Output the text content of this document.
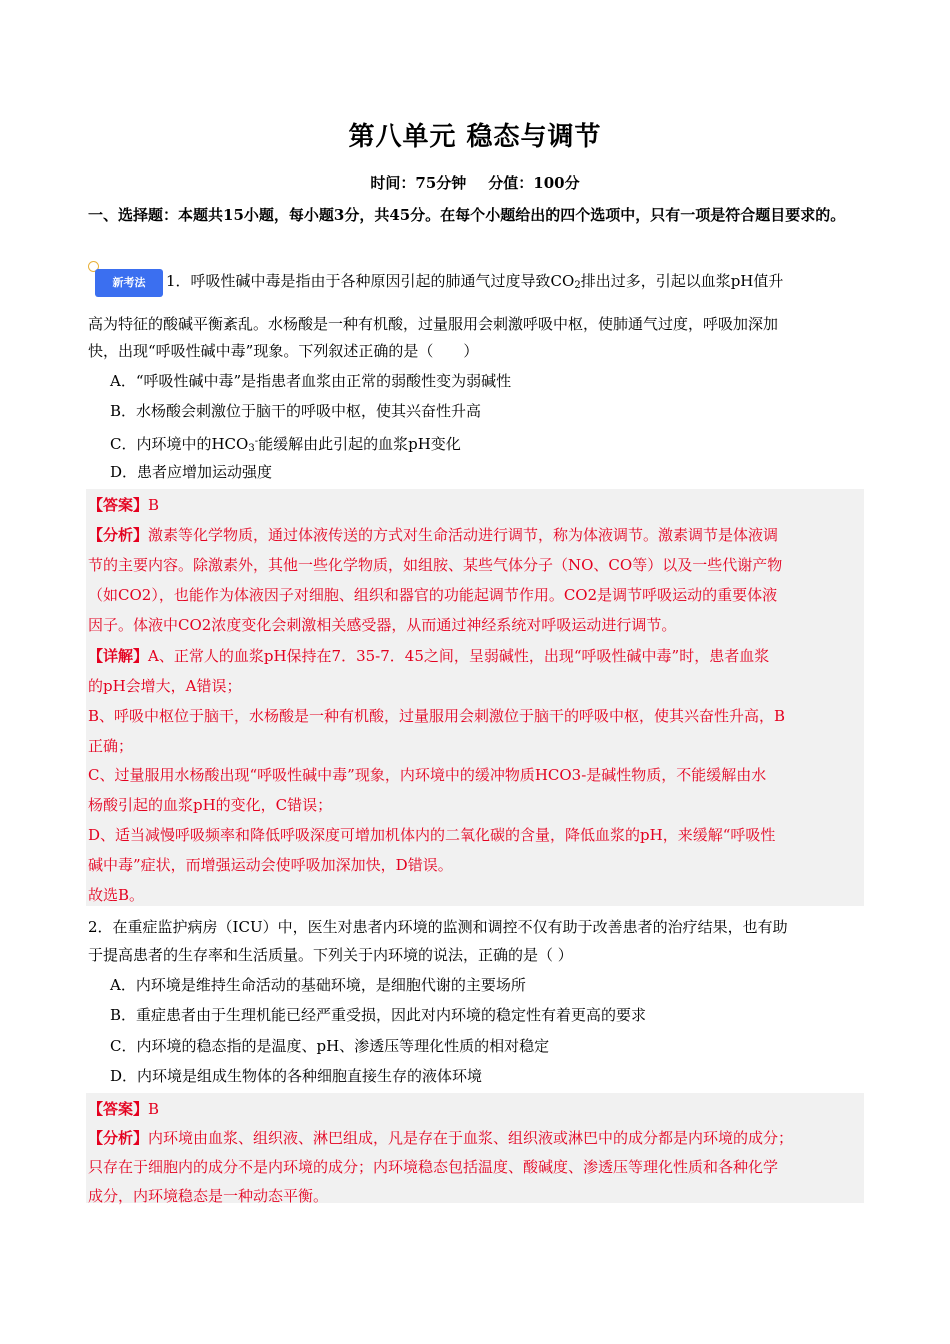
第八单元 稳态与调节
时间：75分钟 分值：100分
一、选择题：本题共15小题，每小题3分，共45分。在每个小题给出的四个选项中，只有一项是符合题目要求的。
新考法	1．呼吸性碱中毒是指由于各种原因引起的肺通气过度导致$CO_2$排出过多，引起以血浆pH值升
高为特征的酸碱平衡紊乱。水杨酸是一种有机酸，过量服用会刺激呼吸中枢，使肺通气过度，呼吸加深加
快，出现“呼吸性碱中毒”现象。下列叙述正确的是（　　）
A．“呼吸性碱中毒”是指患者血浆由正常的弱酸性变为弱碱性
B．水杨酸会刺激位于脑干的呼吸中枢，使其兴奋性升高
C．内环境中的$HCO_3^-$能缓解由此引起的血浆pH变化
D．患者应增加运动强度
【答案】B
【分析】激素等化学物质，通过体液传送的方式对生命活动进行调节，称为体液调节。激素调节是体液调
节的主要内容。除激素外，其他一些化学物质，如组胺、某些气体分子（NO、CO等）以及一些代谢产物
（如CO2），也能作为体液因子对细胞、组织和器官的功能起调节作用。CO2是调节呼吸运动的重要体液
因子。体液中CO2浓度变化会刺激相关感受器，从而通过神经系统对呼吸运动进行调节。
【详解】A、正常人的血浆pH保持在7．35-7．45之间，呈弱碱性，出现“呼吸性碱中毒”时，患者血浆
的pH会增大，A错误；
B、呼吸中枢位于脑干，水杨酸是一种有机酸，过量服用会刺激位于脑干的呼吸中枢，使其兴奋性升高，B
正确；
C、过量服用水杨酸出现“呼吸性碱中毒”现象，内环境中的缓冲物质HCO3-是碱性物质，不能缓解由水
杨酸引起的血浆pH的变化，C错误；
D、适当减慢呼吸频率和降低呼吸深度可增加机体内的二氧化碳的含量，降低血浆的pH，来缓解“呼吸性
碱中毒”症状，而增强运动会使呼吸加深加快，D错误。
故选B。
2．在重症监护病房（ICU）中，医生对患者内环境的监测和调控不仅有助于改善患者的治疗结果，也有助
于提高患者的生存率和生活质量。下列关于内环境的说法，正确的是（ ）
A．内环境是维持生命活动的基础环境，是细胞代谢的主要场所
B．重症患者由于生理机能已经严重受损，因此对内环境的稳定性有着更高的要求
C．内环境的稳态指的是温度、pH、渗透压等理化性质的相对稳定
D．内环境是组成生物体的各种细胞直接生存的液体环境
【答案】B
【分析】内环境由血浆、组织液、淋巴组成，凡是存在于血浆、组织液或淋巴中的成分都是内环境的成分；
只存在于细胞内的成分不是内环境的成分；内环境稳态包括温度、酸碱度、渗透压等理化性质和各种化学
成分，内环境稳态是一种动态平衡。
